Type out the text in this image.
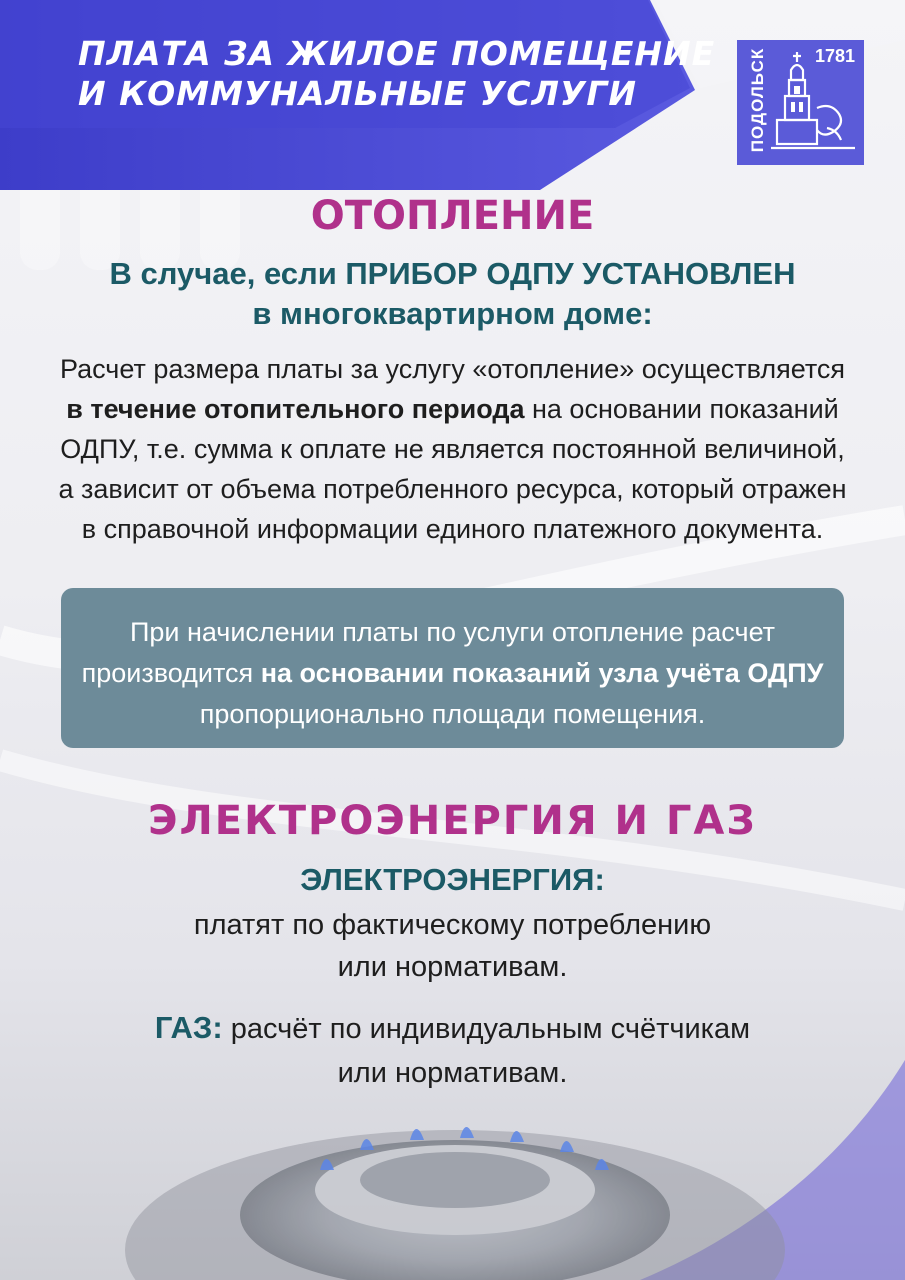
ПЛАТА ЗА ЖИЛОЕ ПОМЕЩЕНИЕ
И КОММУНАЛЬНЫЕ УСЛУГИ	ПОДОЛЬСК	1781
ОТОПЛЕНИЕ
В случае, если ПРИБОР ОДПУ УСТАНОВЛЕН
в многоквартирном доме:
Расчет размера платы за услугу «отопление» осуществляется
в течение отопительного периода на основании показаний
ОДПУ, т.е. сумма к оплате не является постоянной величиной,
а зависит от объема потребленного ресурса, который отражен
в справочной информации единого платежного документа.
При начислении платы по услуги отопление расчет
производится на основании показаний узла учёта ОДПУ
пропорционально площади помещения.
ЭЛЕКТРОЭНЕРГИЯ И ГАЗ
ЭЛЕКТРОЭНЕРГИЯ:
платят по фактическому потреблению
или нормативам.
ГАЗ: расчёт по индивидуальным счётчикам
или нормативам.
